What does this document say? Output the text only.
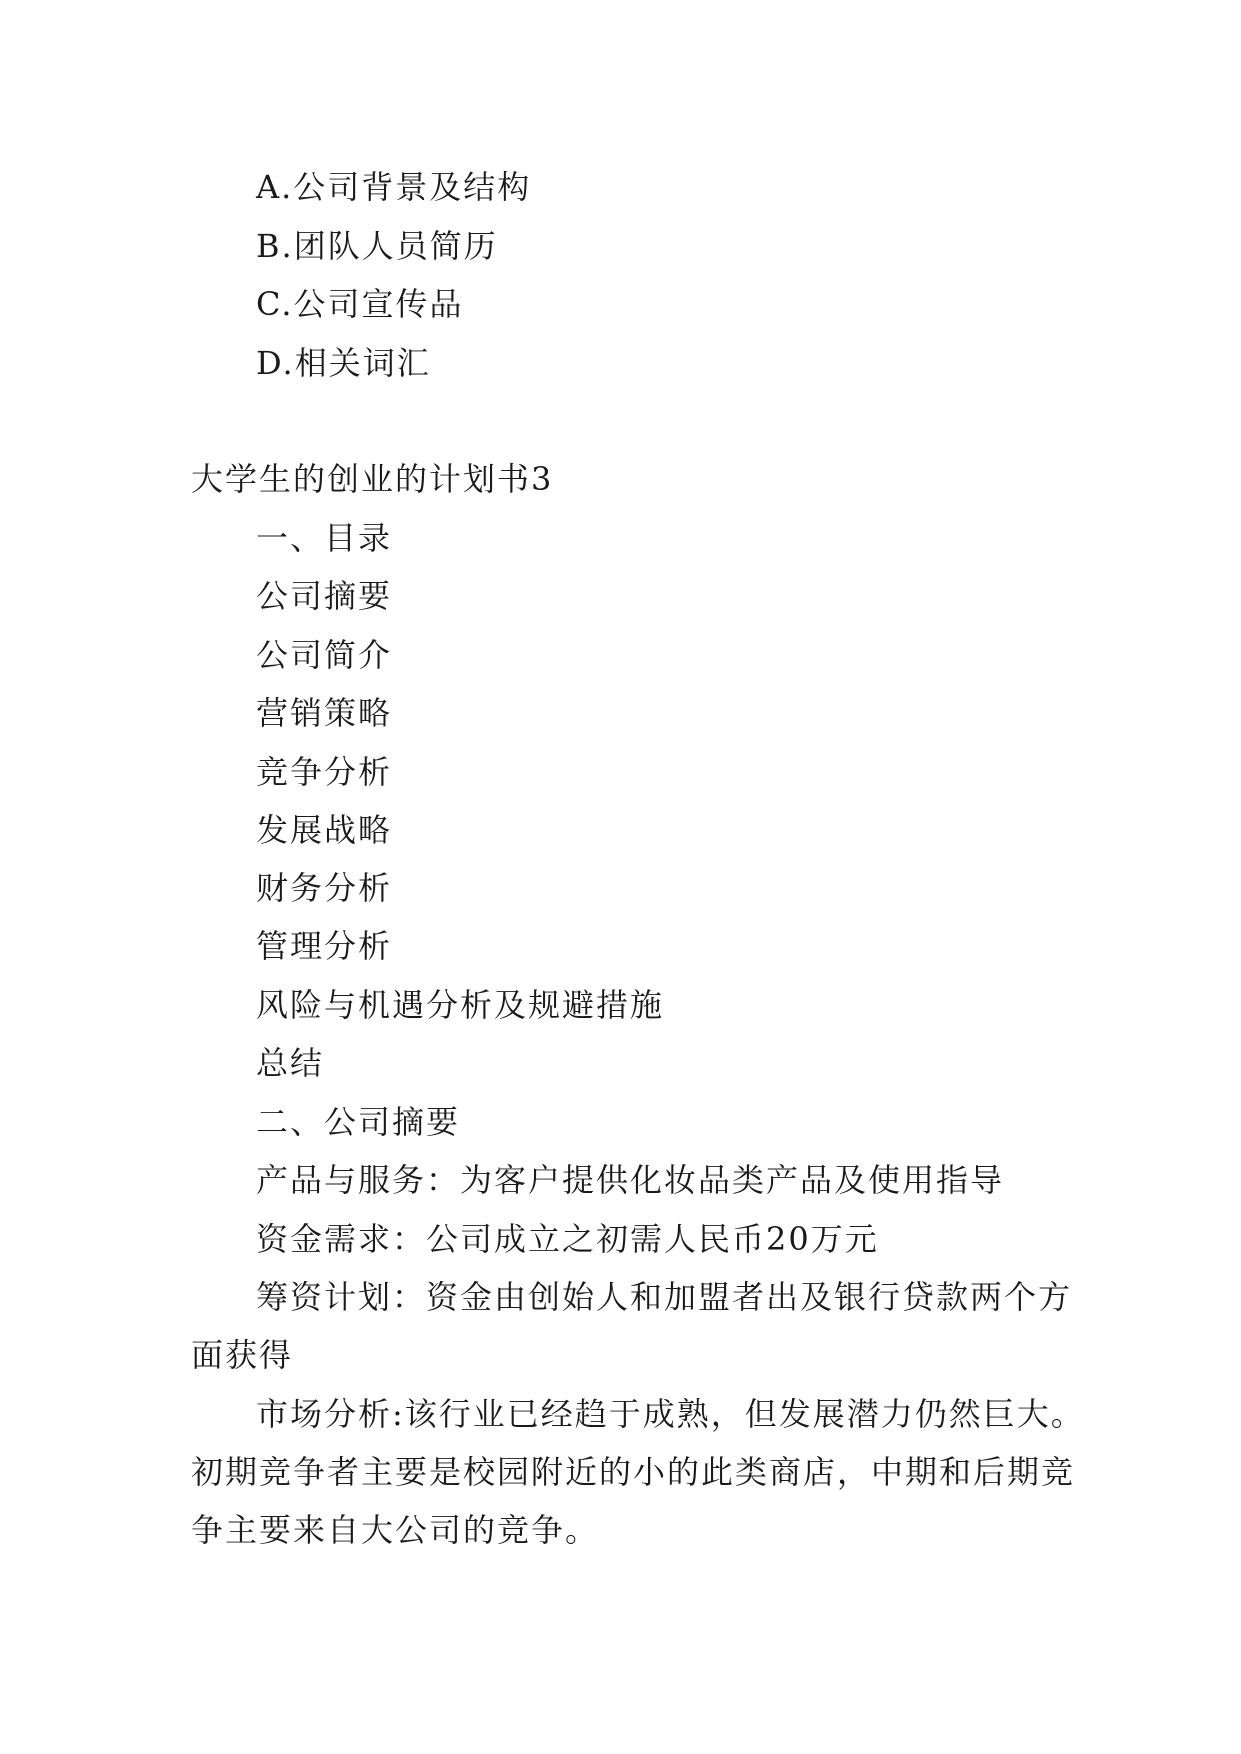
A.公司背景及结构
B.团队人员简历
C.公司宣传品
D.相关词汇
大学生的创业的计划书3
一、目录
公司摘要
公司简介
营销策略
竞争分析
发展战略
财务分析
管理分析
风险与机遇分析及规避措施
总结
二、公司摘要
产品与服务：为客户提供化妆品类产品及使用指导
资金需求：公司成立之初需人民币20万元
筹资计划：资金由创始人和加盟者出及银行贷款两个方
面获得
市场分析:该行业已经趋于成熟，但发展潜力仍然巨大。
初期竞争者主要是校园附近的小的此类商店，中期和后期竞
争主要来自大公司的竞争。
